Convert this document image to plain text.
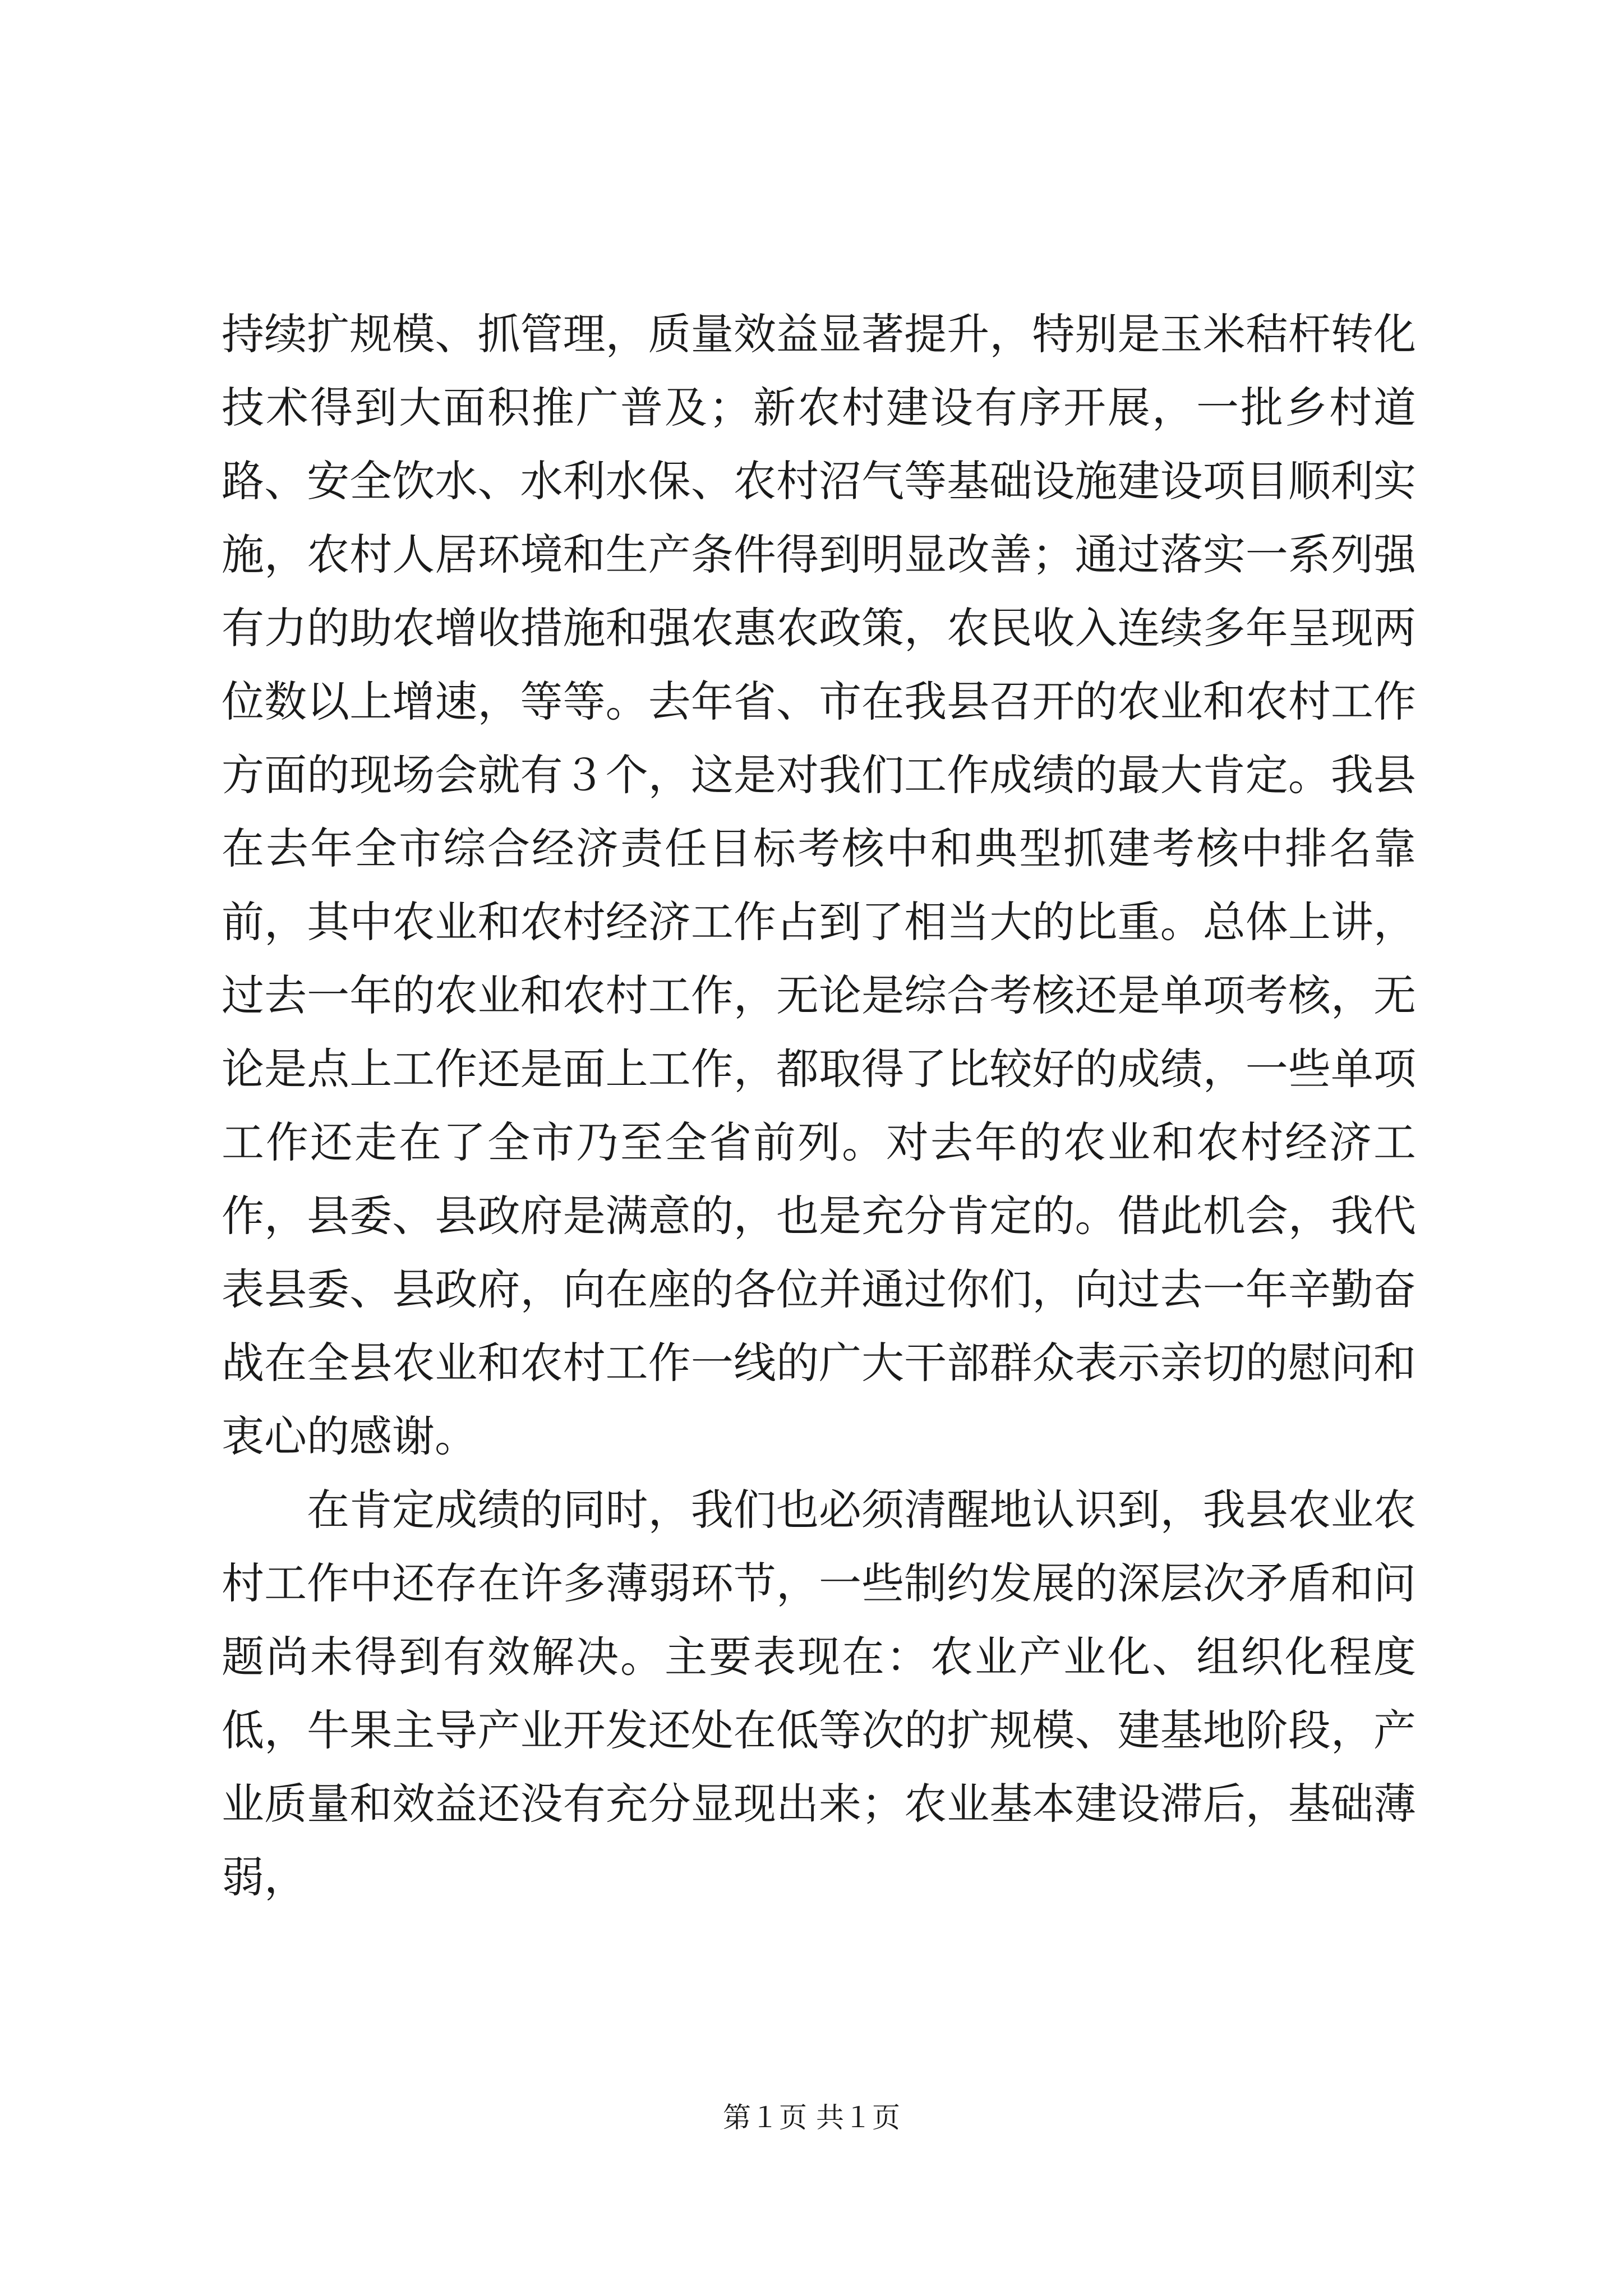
持续扩规模、抓管理，质量效益显著提升，特别是玉米秸杆转化技术得到大面积推广普及；新农村建设有序开展，一批乡村道路、安全饮水、水利水保、农村沼气等基础设施建设项目顺利实施，农村人居环境和生产条件得到明显改善；通过落实一系列强有力的助农增收措施和强农惠农政策，农民收入连续多年呈现两位数以上增速，等等。去年省、市在我县召开的农业和农村工作方面的现场会就有３个，这是对我们工作成绩的最大肯定。我县在去年全市综合经济责任目标考核中和典型抓建考核中排名靠前，其中农业和农村经济工作占到了相当大的比重。总体上讲，过去一年的农业和农村工作，无论是综合考核还是单项考核，无论是点上工作还是面上工作，都取得了比较好的成绩，一些单项工作还走在了全市乃至全省前列。对去年的农业和农村经济工作，县委、县政府是满意的，也是充分肯定的。借此机会，我代表县委、县政府，向在座的各位并通过你们，向过去一年辛勤奋战在全县农业和农村工作一线的广大干部群众表示亲切的慰问和衷心的感谢。

在肯定成绩的同时，我们也必须清醒地认识到，我县农业农村工作中还存在许多薄弱环节，一些制约发展的深层次矛盾和问题尚未得到有效解决。主要表现在：农业产业化、组织化程度低，牛果主导产业开发还处在低等次的扩规模、建基地阶段，产业质量和效益还没有充分显现出来；农业基本建设滞后，基础薄弱，

第１页 共１页
